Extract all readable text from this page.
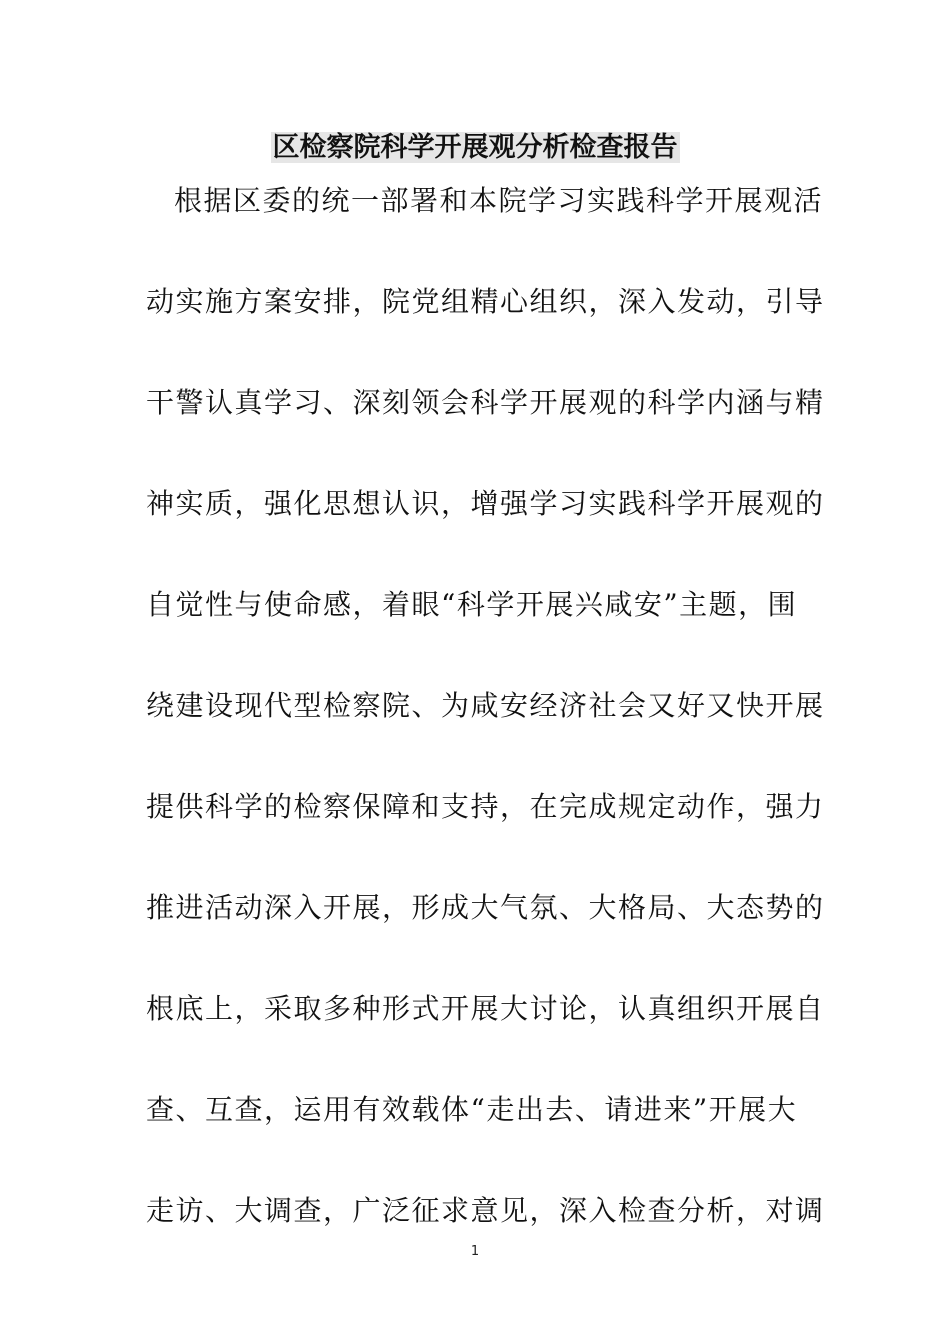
区检察院科学开展观分析检查报告
根据区委的统一部署和本院学习实践科学开展观活
动实施方案安排，院党组精心组织，深入发动，引导
干警认真学习、深刻领会科学开展观的科学内涵与精
神实质，强化思想认识，增强学习实践科学开展观的
自觉性与使命感，着眼“科学开展兴咸安”主题，围
绕建设现代型检察院、为咸安经济社会又好又快开展
提供科学的检察保障和支持，在完成规定动作，强力
推进活动深入开展，形成大气氛、大格局、大态势的
根底上，采取多种形式开展大讨论，认真组织开展自
查、互查，运用有效载体“走出去、请进来”开展大
走访、大调查，广泛征求意见，深入检查分析，对调
1
